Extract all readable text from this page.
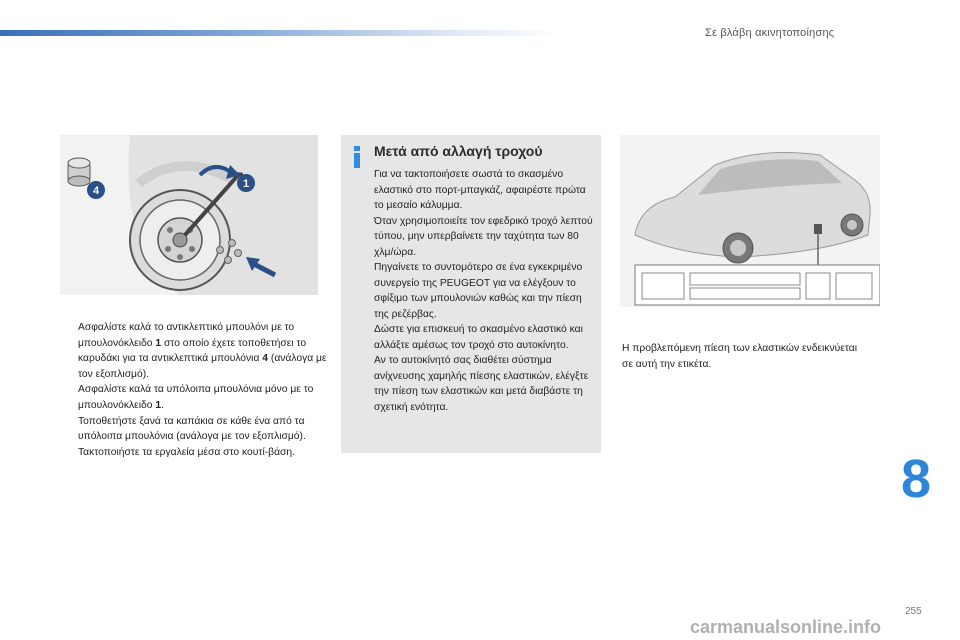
Σε βλάβη ακινητοποίησης
4
1
Ασφαλίστε καλά το αντικλεπτικό μπουλόνι με το μπουλονόκλειδο 1 στο οποίο έχετε τοποθετήσει το καρυδάκι για τα αντικλεπτικά μπουλόνια 4 (ανάλογα με τον εξοπλισμό).
Ασφαλίστε καλά τα υπόλοιπα μπουλόνια μόνο με το μπουλονόκλειδο 1.
Τοποθετήστε ξανά τα καπάκια σε κάθε ένα από τα υπόλοιπα μπουλόνια (ανάλογα με τον εξοπλισμό).
Τακτοποιήστε τα εργαλεία μέσα στο κουτί-βάση.
Μετά από αλλαγή τροχού
Για να τακτοποιήσετε σωστά το σκασμένο ελαστικό στο πορτ-μπαγκάζ, αφαιρέστε πρώτα το μεσαίο κάλυμμα.
Όταν χρησιμοποιείτε τον εφεδρικό τροχό λεπτού τύπου, μην υπερβαίνετε την ταχύτητα των 80 χλμ/ώρα.
Πηγαίνετε το συντομότερο σε ένα εγκεκριμένο συνεργείο της PEUGEOT για να ελέγξουν το σφίξιμο των μπουλονιών καθώς και την πίεση της ρεζέρβας.
Δώστε για επισκευή το σκασμένο ελαστικό και αλλάξτε αμέσως τον τροχό στο αυτοκίνητο.
Αν το αυτοκίνητό σας διαθέτει σύστημα ανίχνευσης χαμηλής πίεσης ελαστικών, ελέγξτε την πίεση των ελαστικών και μετά διαβάστε τη σχετική ενότητα.
Η προβλεπόμενη πίεση των ελαστικών ενδεικνύεται σε αυτή την ετικέτα.
8
255
carmanualsonline.info
